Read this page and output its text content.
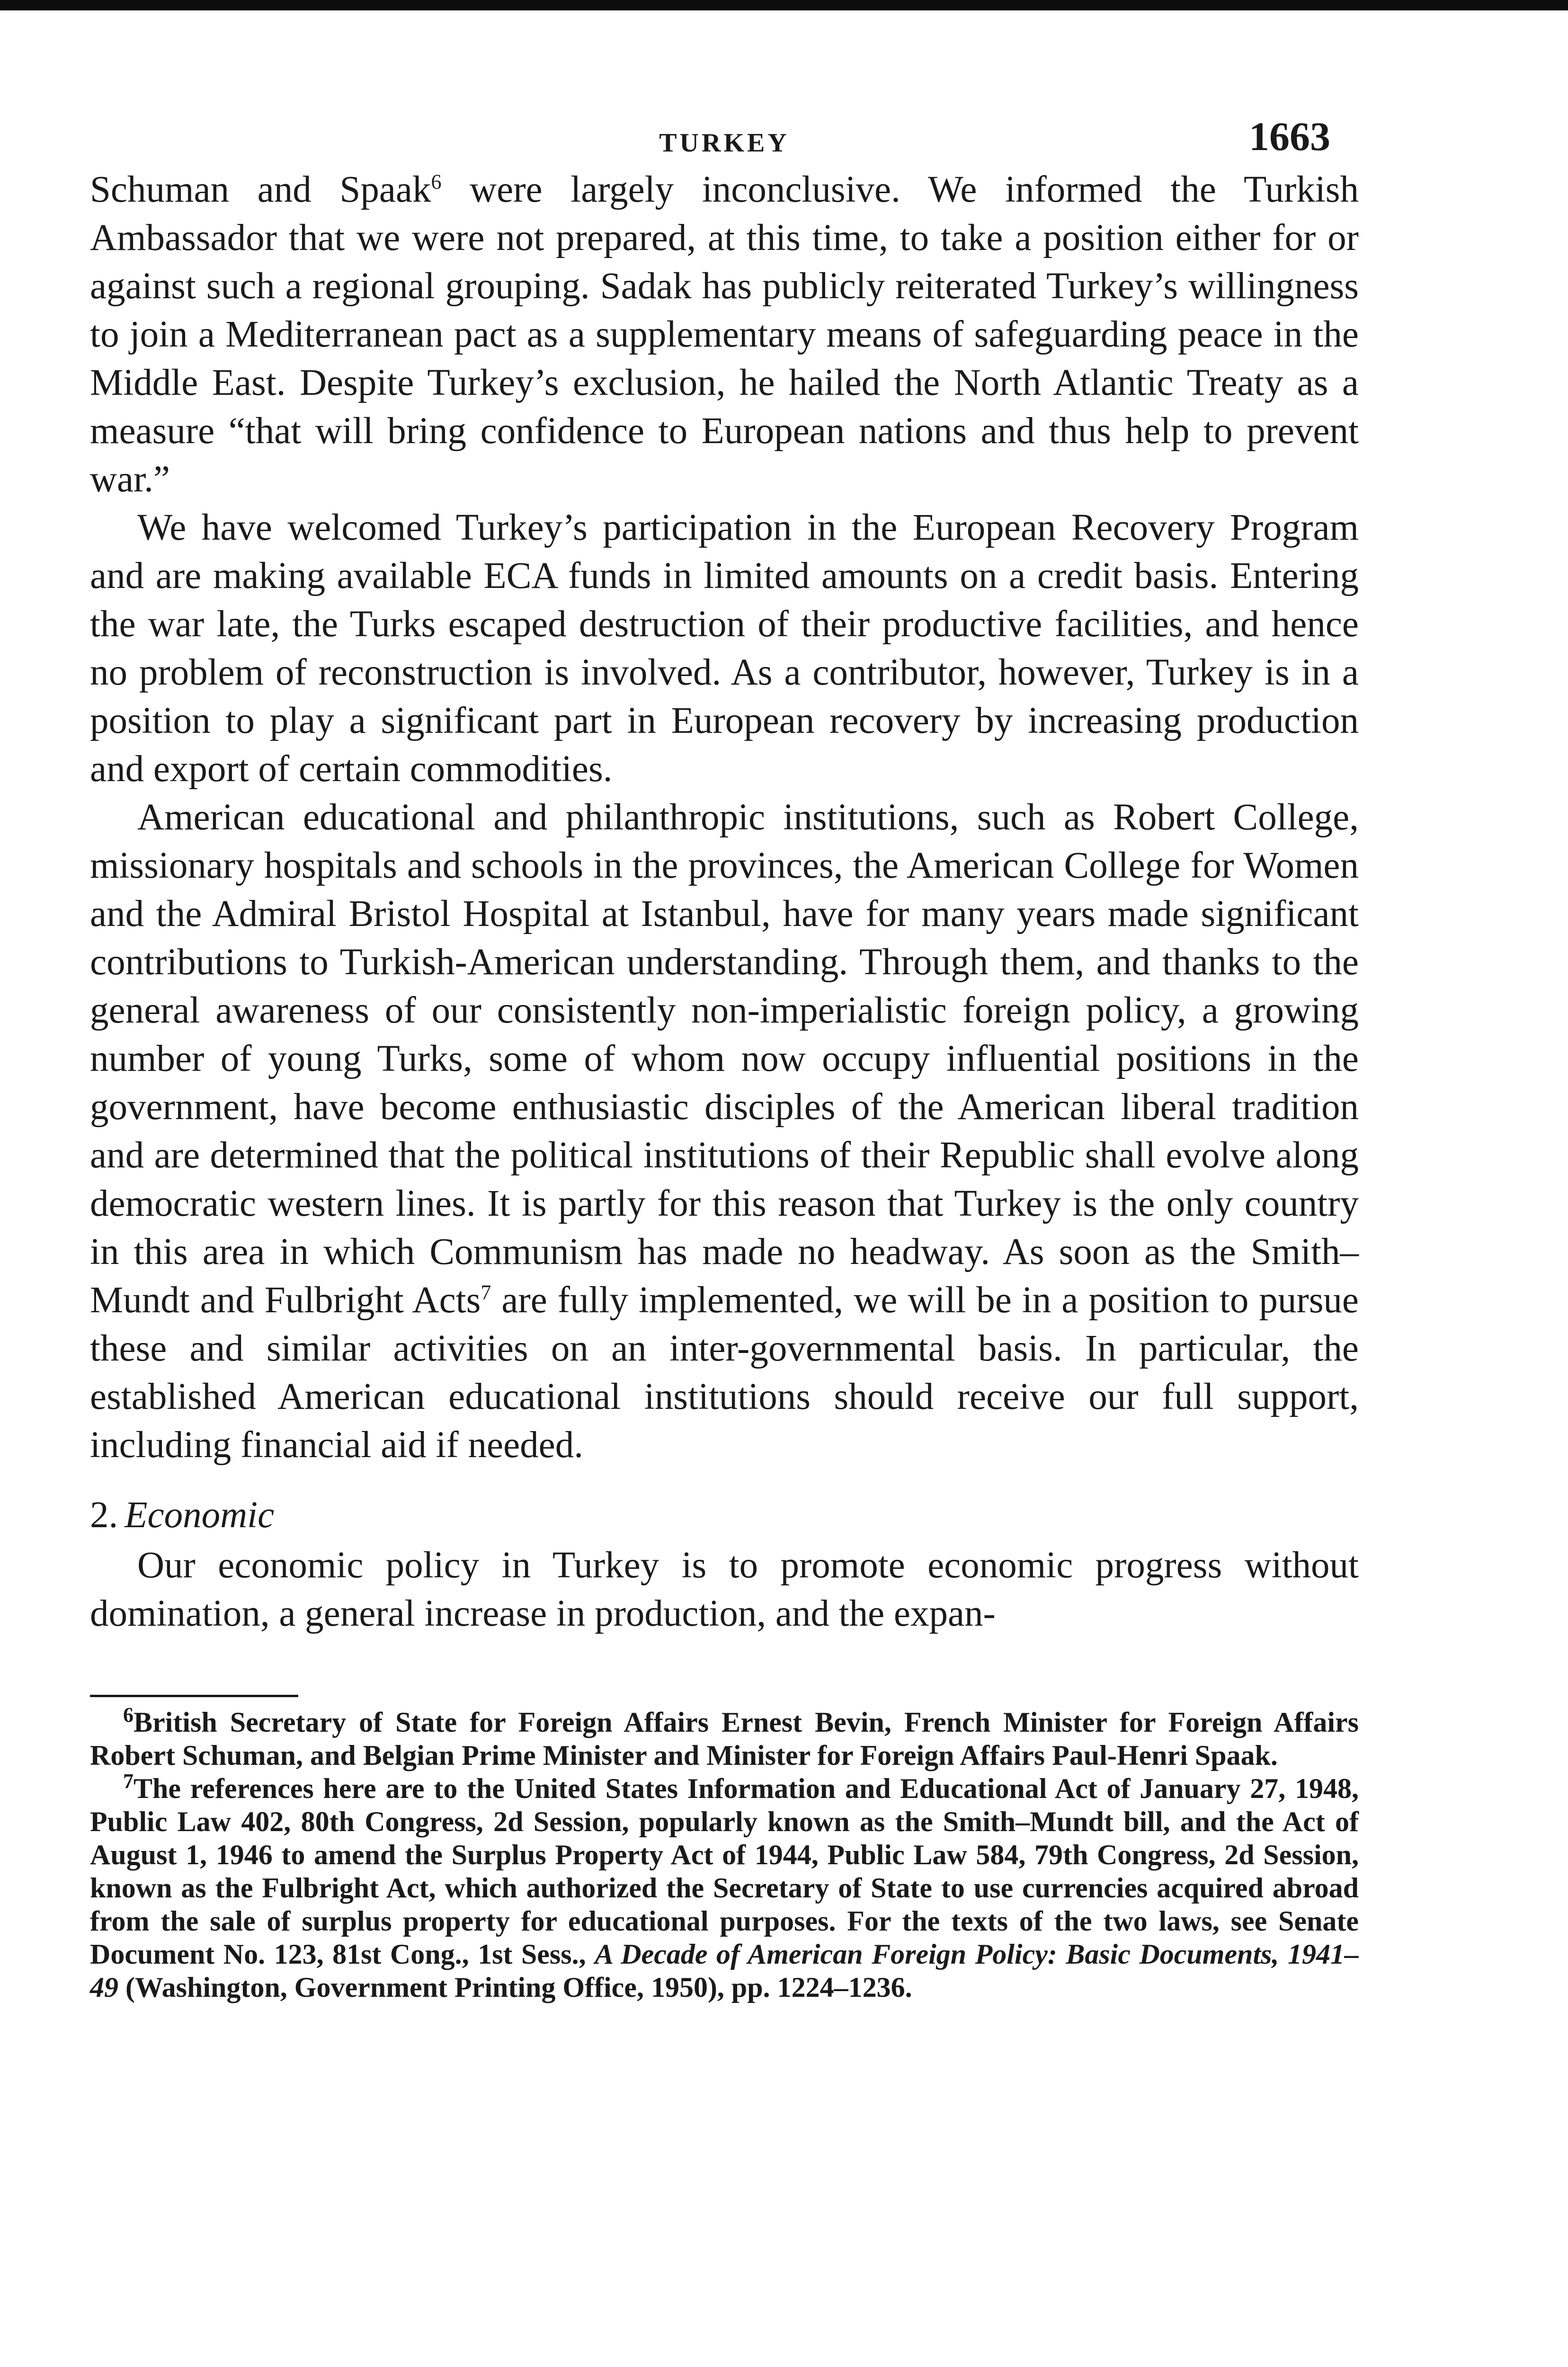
TURKEY	1663

Schuman and Spaak$^6$ were largely inconclusive. We informed the Turkish Ambassador that we were not prepared, at this time, to take a position either for or against such a regional grouping. Sadak has publicly reiterated Turkey’s willingness to join a Mediterranean pact as a supplementary means of safeguarding peace in the Middle East. Despite Turkey’s exclusion, he hailed the North Atlantic Treaty as a measure “that will bring confidence to European nations and thus help to prevent war.”

We have welcomed Turkey’s participation in the European Recovery Program and are making available ECA funds in limited amounts on a credit basis. Entering the war late, the Turks escaped destruction of their productive facilities, and hence no problem of reconstruction is involved. As a contributor, however, Turkey is in a position to play a significant part in European recovery by increasing production and export of certain commodities.

American educational and philanthropic institutions, such as Robert College, missionary hospitals and schools in the provinces, the American College for Women and the Admiral Bristol Hospital at Istanbul, have for many years made significant contributions to Turkish-American understanding. Through them, and thanks to the general awareness of our consistently non-imperialistic foreign policy, a growing number of young Turks, some of whom now occupy influential positions in the government, have become enthusiastic disciples of the American liberal tradition and are determined that the political institutions of their Republic shall evolve along democratic western lines. It is partly for this reason that Turkey is the only country in this area in which Communism has made no headway. As soon as the Smith–Mundt and Fulbright Acts$^7$ are fully implemented, we will be in a position to pursue these and similar activities on an inter-governmental basis. In particular, the established American educational institutions should receive our full support, including financial aid if needed.

2. Economic

Our economic policy in Turkey is to promote economic progress without domination, a general increase in production, and the expan-

$^6$British Secretary of State for Foreign Affairs Ernest Bevin, French Minister for Foreign Affairs Robert Schuman, and Belgian Prime Minister and Minister for Foreign Affairs Paul-Henri Spaak.

$^7$The references here are to the United States Information and Educational Act of January 27, 1948, Public Law 402, 80th Congress, 2d Session, popularly known as the Smith–Mundt bill, and the Act of August 1, 1946 to amend the Surplus Property Act of 1944, Public Law 584, 79th Congress, 2d Session, known as the Fulbright Act, which authorized the Secretary of State to use currencies acquired abroad from the sale of surplus property for educational purposes. For the texts of the two laws, see Senate Document No. 123, 81st Cong., 1st Sess., A Decade of American Foreign Policy: Basic Documents, 1941–49 (Washington, Government Printing Office, 1950), pp. 1224–1236.
